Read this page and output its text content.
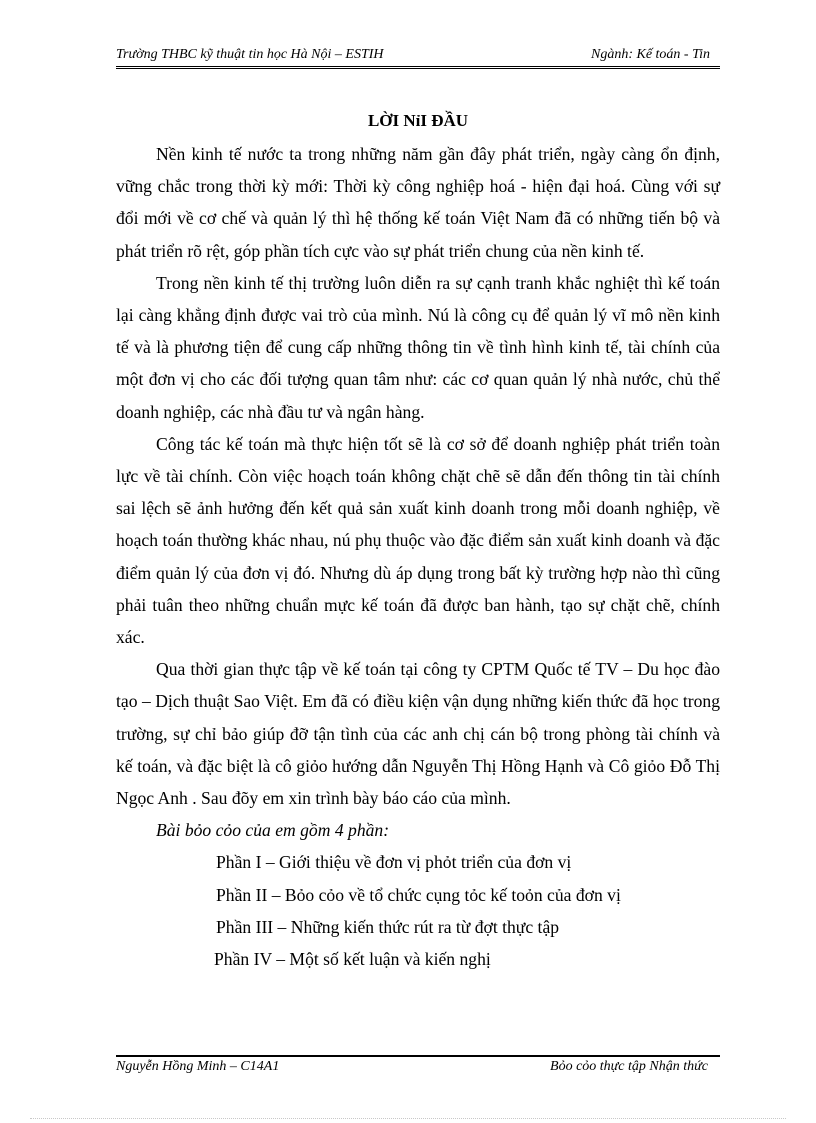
Trường THBC kỹ thuật tin học Hà Nội – ESTIH	Ngành: Kế toán - Tin
LỜI NỉI ĐẦU

Nền kinh tế nước ta trong những năm gần đây phát triển, ngày càng ổn định, vững chắc trong thời kỳ mới: Thời kỳ công nghiệp hoá - hiện đại hoá. Cùng với sự đổi mới về cơ chế và quản lý thì hệ thống kế toán Việt Nam đã có những tiến bộ và phát triển rõ rệt, góp phần tích cực vào sự phát triển chung của nền kinh tế.

Trong nền kinh tế thị trường luôn diễn ra sự cạnh tranh khắc nghiệt thì kế toán lại càng khẳng định được vai trò của mình. Nú là công cụ để quản lý vĩ mô nền kinh tế và là phương tiện để cung cấp những thông tin về tình hình kinh tế, tài chính của một đơn vị cho các đối tượng quan tâm như: các cơ quan quản lý nhà nước, chủ thể doanh nghiệp, các nhà đầu tư và ngân hàng.

Công tác kế toán mà thực hiện tốt sẽ là cơ sở để doanh nghiệp phát triển toàn lực về tài chính. Còn việc hoạch toán không chặt chẽ sẽ dẫn đến thông tin tài chính sai lệch sẽ ảnh hưởng đến kết quả sản xuất kinh doanh trong mỗi doanh nghiệp, về hoạch toán thường khác nhau, nú phụ thuộc vào đặc điểm sản xuất kinh doanh và đặc điểm quản lý của đơn vị đó. Nhưng dù áp dụng trong bất kỳ trường hợp nào thì cũng phải tuân theo những chuẩn mực kế toán đã được ban hành, tạo sự chặt chẽ, chính xác.

Qua thời gian thực tập về kế toán tại công ty CPTM Quốc tế TV – Du học đào tạo – Dịch thuật Sao Việt. Em đã có điều kiện vận dụng những kiến thức đã học trong trường, sự chỉ bảo giúp đỡ tận tình của các anh chị cán bộ trong phòng tài chính và kế toán, và đặc biệt là cô giỏo hướng dẫn Nguyễn Thị Hồng Hạnh và Cô giỏo Đỗ Thị Ngọc Anh . Sau đõy em xin trình bày báo cáo của mình.

Bài bỏo cỏo của em gồm 4 phần:

Phần I – Giới thiệu về đơn vị phỏt triển của đơn vị

Phần II – Bỏo cỏo về tổ chức cụng tỏc kế toỏn của đơn vị

Phần III – Những kiến thức rút ra từ đợt thực tập

Phần IV – Một số kết luận và kiến nghị

Nguyễn Hồng Minh – C14A1	Bỏo cỏo thực tập Nhận thức
